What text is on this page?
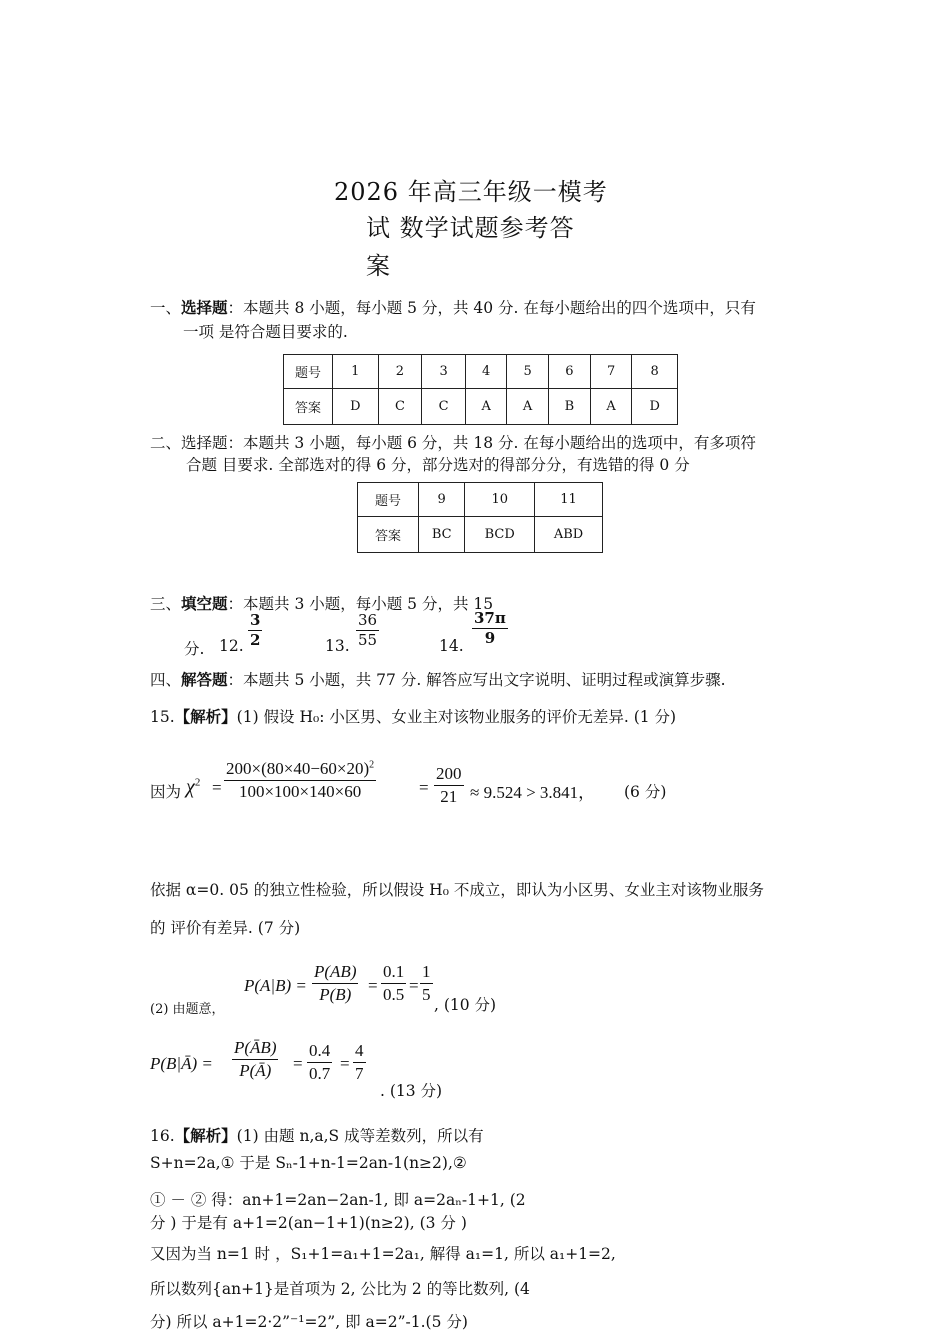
2026 年高三年级一模考
试 数学试题参考答
案
一、选择题：本题共 8 小题，每小题 5 分，共 40 分. 在每小题给出的四个选项中，只有
一项 是符合题目要求的.
题号	1	2	3	4	5	6	7	8
答案	D	C	C	A	A	B	A	D
二、选择题：本题共 3 小题，每小题 6 分，共 18 分. 在每小题给出的选项中，有多项符
合题 目要求. 全部选对的得 6 分，部分选对的得部分分，有选错的得 0 分
题号	9	10	11
答案	BC	BCD	ABD
三、填空题：本题共 3 小题，每小题 5 分，共 15
分. 12.
3
2	13.
36
55	14.
37π
9
四、解答题：本题共 5 小题，共 77 分. 解答应写出文字说明、证明过程或演算步骤.
15.【解析】(1) 假设 H₀: 小区男、女业主对该物业服务的评价无差异. (1 分)
因为 $\chi^2$ =
$200\times(80\times 40-60\times 20)^2$
100×100×140×60	=
200
21 ≈ 9.524 > 3.841， (6 分)
依据 α=0. 05 的独立性检验，所以假设 H₀ 不成立，即认为小区男、女业主对该物业服务
的 评价有差异. (7 分)
(2) 由题意，
P(A|B) =
P(AB)
P(B) =
0.1
0.5 =
1
5
, (10 分)
P(B|Ā) =
P(ĀB)
P(Ā) =
0.4
0.7
=
4
7
. (13 分)
16.【解析】(1) 由题 n,a,S 成等差数列，所以有
S+n=2a,① 于是 Sₙ-1+n-1=2an-1(n≥2),②
① － ② 得：an+1=2an−2an-1, 即 a=2aₙ-1+1, (2
分 ) 于是有 a+1=2(an−1+1)(n≥2), (3 分 )
又因为当 n=1 时 ，S₁+1=a₁+1=2a₁, 解得 a₁=1, 所以 a₁+1=2,
所以数列{an+1}是首项为 2, 公比为 2 的等比数列, (4
分) 所以 a+1=2·2”⁻¹=2”, 即 a=2”-1.(5 分)
